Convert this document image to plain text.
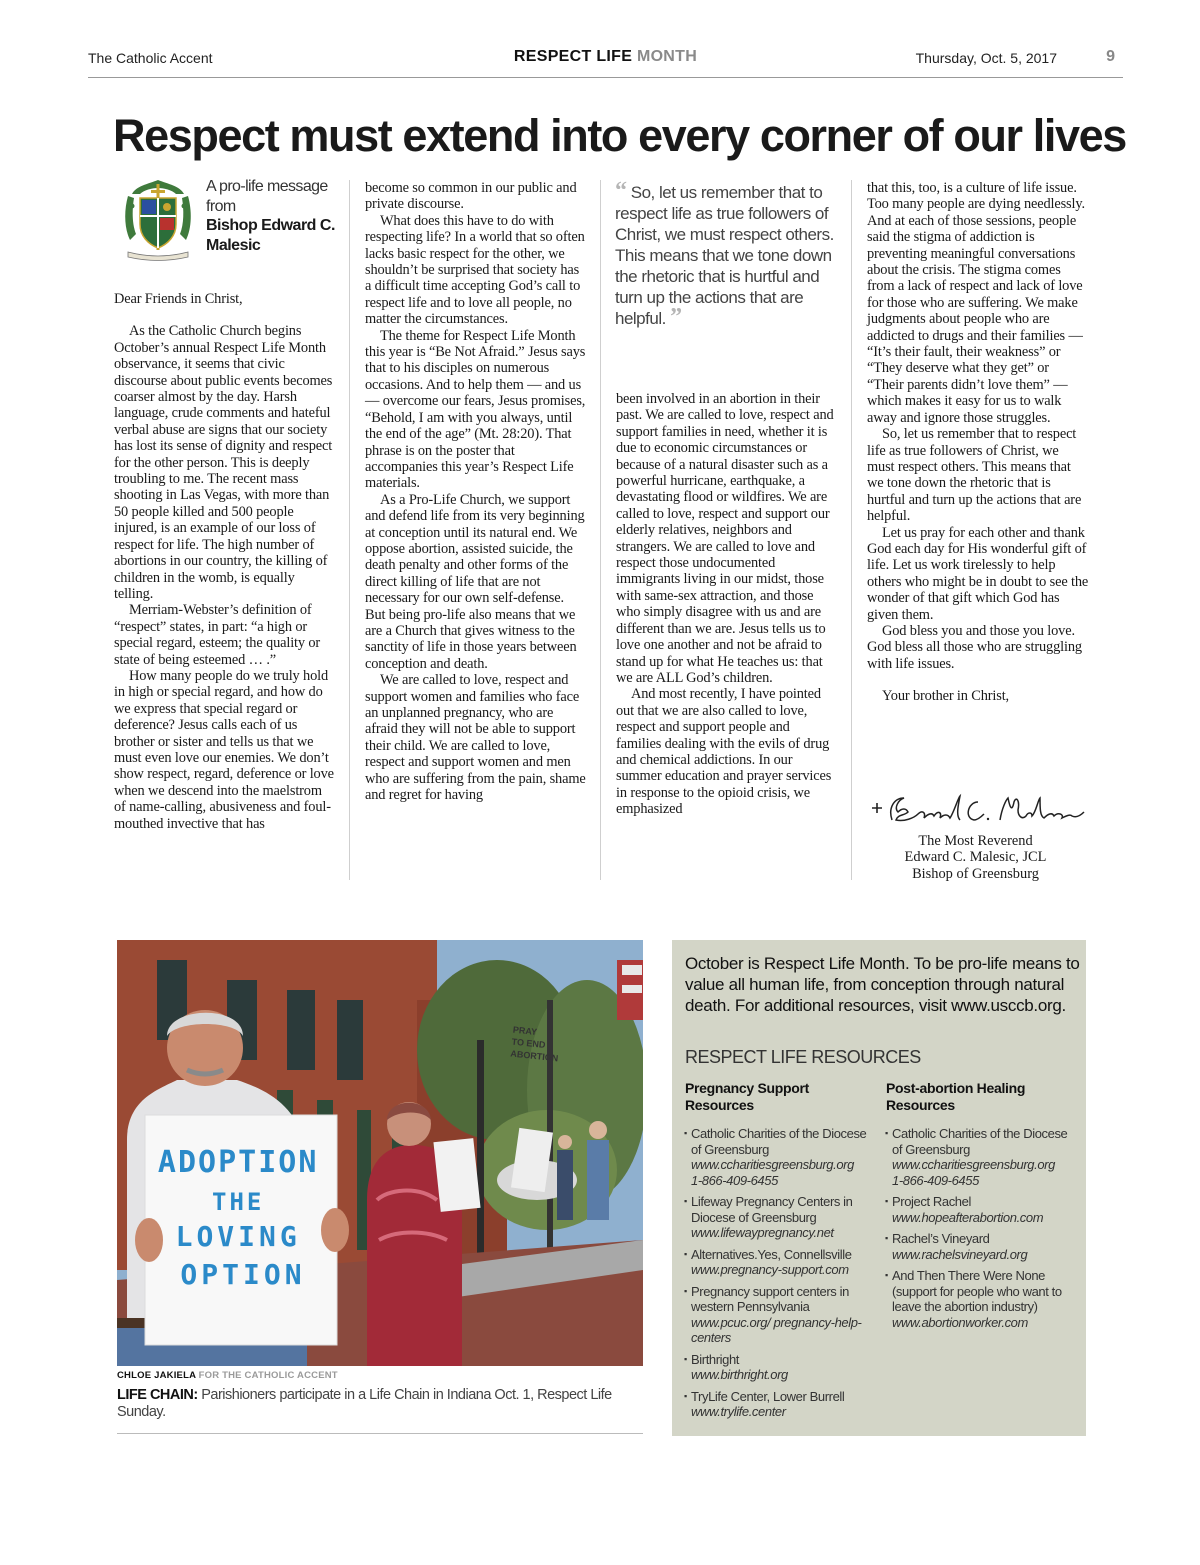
The Catholic Accent	RESPECT LIFE MONTH	Thursday, Oct. 5, 2017	9
Respect must extend into every corner of our lives
A pro-life message from
Bishop Edward C. Malesic

Dear Friends in Christ,

As the Catholic Church begins October’s annual Respect Life Month observance, it seems that civic discourse about public events becomes coarser almost by the day. Harsh language, crude comments and hateful verbal abuse are signs that our society has lost its sense of dignity and respect for the other person. This is deeply troubling to me. The recent mass shooting in Las Vegas, with more than 50 people killed and 500 people injured, is an example of our loss of respect for life. The high number of abortions in our country, the killing of children in the womb, is equally telling.

Merriam-Webster’s definition of “respect” states, in part: “a high or special regard, esteem; the quality or state of being esteemed … .”

How many people do we truly hold in high or special regard, and how do we express that special regard or deference? Jesus calls each of us brother or sister and tells us that we must even love our enemies. We don’t show respect, regard, deference or love when we descend into the maelstrom of name-calling, abusiveness and foul-mouthed invective that has

become so common in our public and private discourse.

What does this have to do with respecting life? In a world that so often lacks basic respect for the other, we shouldn’t be surprised that society has a difficult time accepting God’s call to respect life and to love all people, no matter the circumstances.

The theme for Respect Life Month this year is “Be Not Afraid.” Jesus says that to his disciples on numerous occasions. And to help them — and us — overcome our fears, Jesus promises, “Behold, I am with you always, until the end of the age” (Mt. 28:20). That phrase is on the poster that accompanies this year’s Respect Life materials.

As a Pro-Life Church, we support and defend life from its very beginning at conception until its natural end. We oppose abortion, assisted suicide, the death penalty and other forms of the direct killing of life that are not necessary for our own self-defense. But being pro-life also means that we are a Church that gives witness to the sanctity of life in those years between conception and death.

We are called to love, respect and support women and families who face an unplanned pregnancy, who are afraid they will not be able to support their child. We are called to love, respect and support women and men who are suffering from the pain, shame and regret for having

“ So, let us remember that to respect life as true followers of Christ, we must respect others. This means that we tone down the rhetoric that is hurtful and turn up the actions that are helpful. ”

been involved in an abortion in their past. We are called to love, respect and support families in need, whether it is due to economic circumstances or because of a natural disaster such as a powerful hurricane, earthquake, a devastating flood or wildfires. We are called to love, respect and support our elderly relatives, neighbors and strangers. We are called to love and respect those undocumented immigrants living in our midst, those with same-sex attraction, and those who simply disagree with us and are different than we are. Jesus tells us to love one another and not be afraid to stand up for what He teaches us: that we are ALL God’s children.

And most recently, I have pointed out that we are also called to love, respect and support people and families dealing with the evils of drug and chemical addictions. In our summer education and prayer services in response to the opioid crisis, we emphasized

that this, too, is a culture of life issue. Too many people are dying needlessly. And at each of those sessions, people said the stigma of addiction is preventing meaningful conversations about the crisis. The stigma comes from a lack of respect and lack of love for those who are suffering. We make judgments about people who are addicted to drugs and their families — “It’s their fault, their weakness” or “They deserve what they get” or “Their parents didn’t love them” — which makes it easy for us to walk away and ignore those struggles.

So, let us remember that to respect life as true followers of Christ, we must respect others. This means that we tone down the rhetoric that is hurtful and turn up the actions that are helpful.

Let us pray for each other and thank God each day for His wonderful gift of life. Let us work tirelessly to help others who might be in doubt to see the wonder of that gift which God has given them.

God bless you and those you love. God bless all those who are struggling with life issues.

Your brother in Christ,

The Most Reverend
Edward C. Malesic, JCL
Bishop of Greensburg
PRAY TO END ABORTION
ADOPTION THE LOVING OPTION
CHLOE JAKIELA FOR THE CATHOLIC ACCENT
LIFE CHAIN: Parishioners participate in a Life Chain in Indiana Oct. 1, Respect Life Sunday.
October is Respect Life Month. To be pro-life means to value all human life, from conception through natural death. For additional resources, visit www.usccb.org.
RESPECT LIFE RESOURCES
Pregnancy Support Resources
▪ Catholic Charities of the Diocese of Greensburg
www.ccharitiesgreensburg.org
1-866-409-6455
▪ Lifeway Pregnancy Centers in Diocese of Greensburg
www.lifewaypregnancy.net
▪ Alternatives.Yes, Connellsville
www.pregnancy-support.com
▪ Pregnancy support centers in western Pennsylvania
www.pcuc.org/ pregnancy-help-centers
▪ Birthright
www.birthright.org
▪ TryLife Center, Lower Burrell
www.trylife.center
Post-abortion Healing Resources
▪ Catholic Charities of the Diocese of Greensburg
www.ccharitiesgreensburg.org
1-866-409-6455
▪ Project Rachel
www.hopeafterabortion.com
▪ Rachel’s Vineyard
www.rachelsvineyard.org
▪ And Then There Were None (support for people who want to leave the abortion industry)
www.abortionworker.com
